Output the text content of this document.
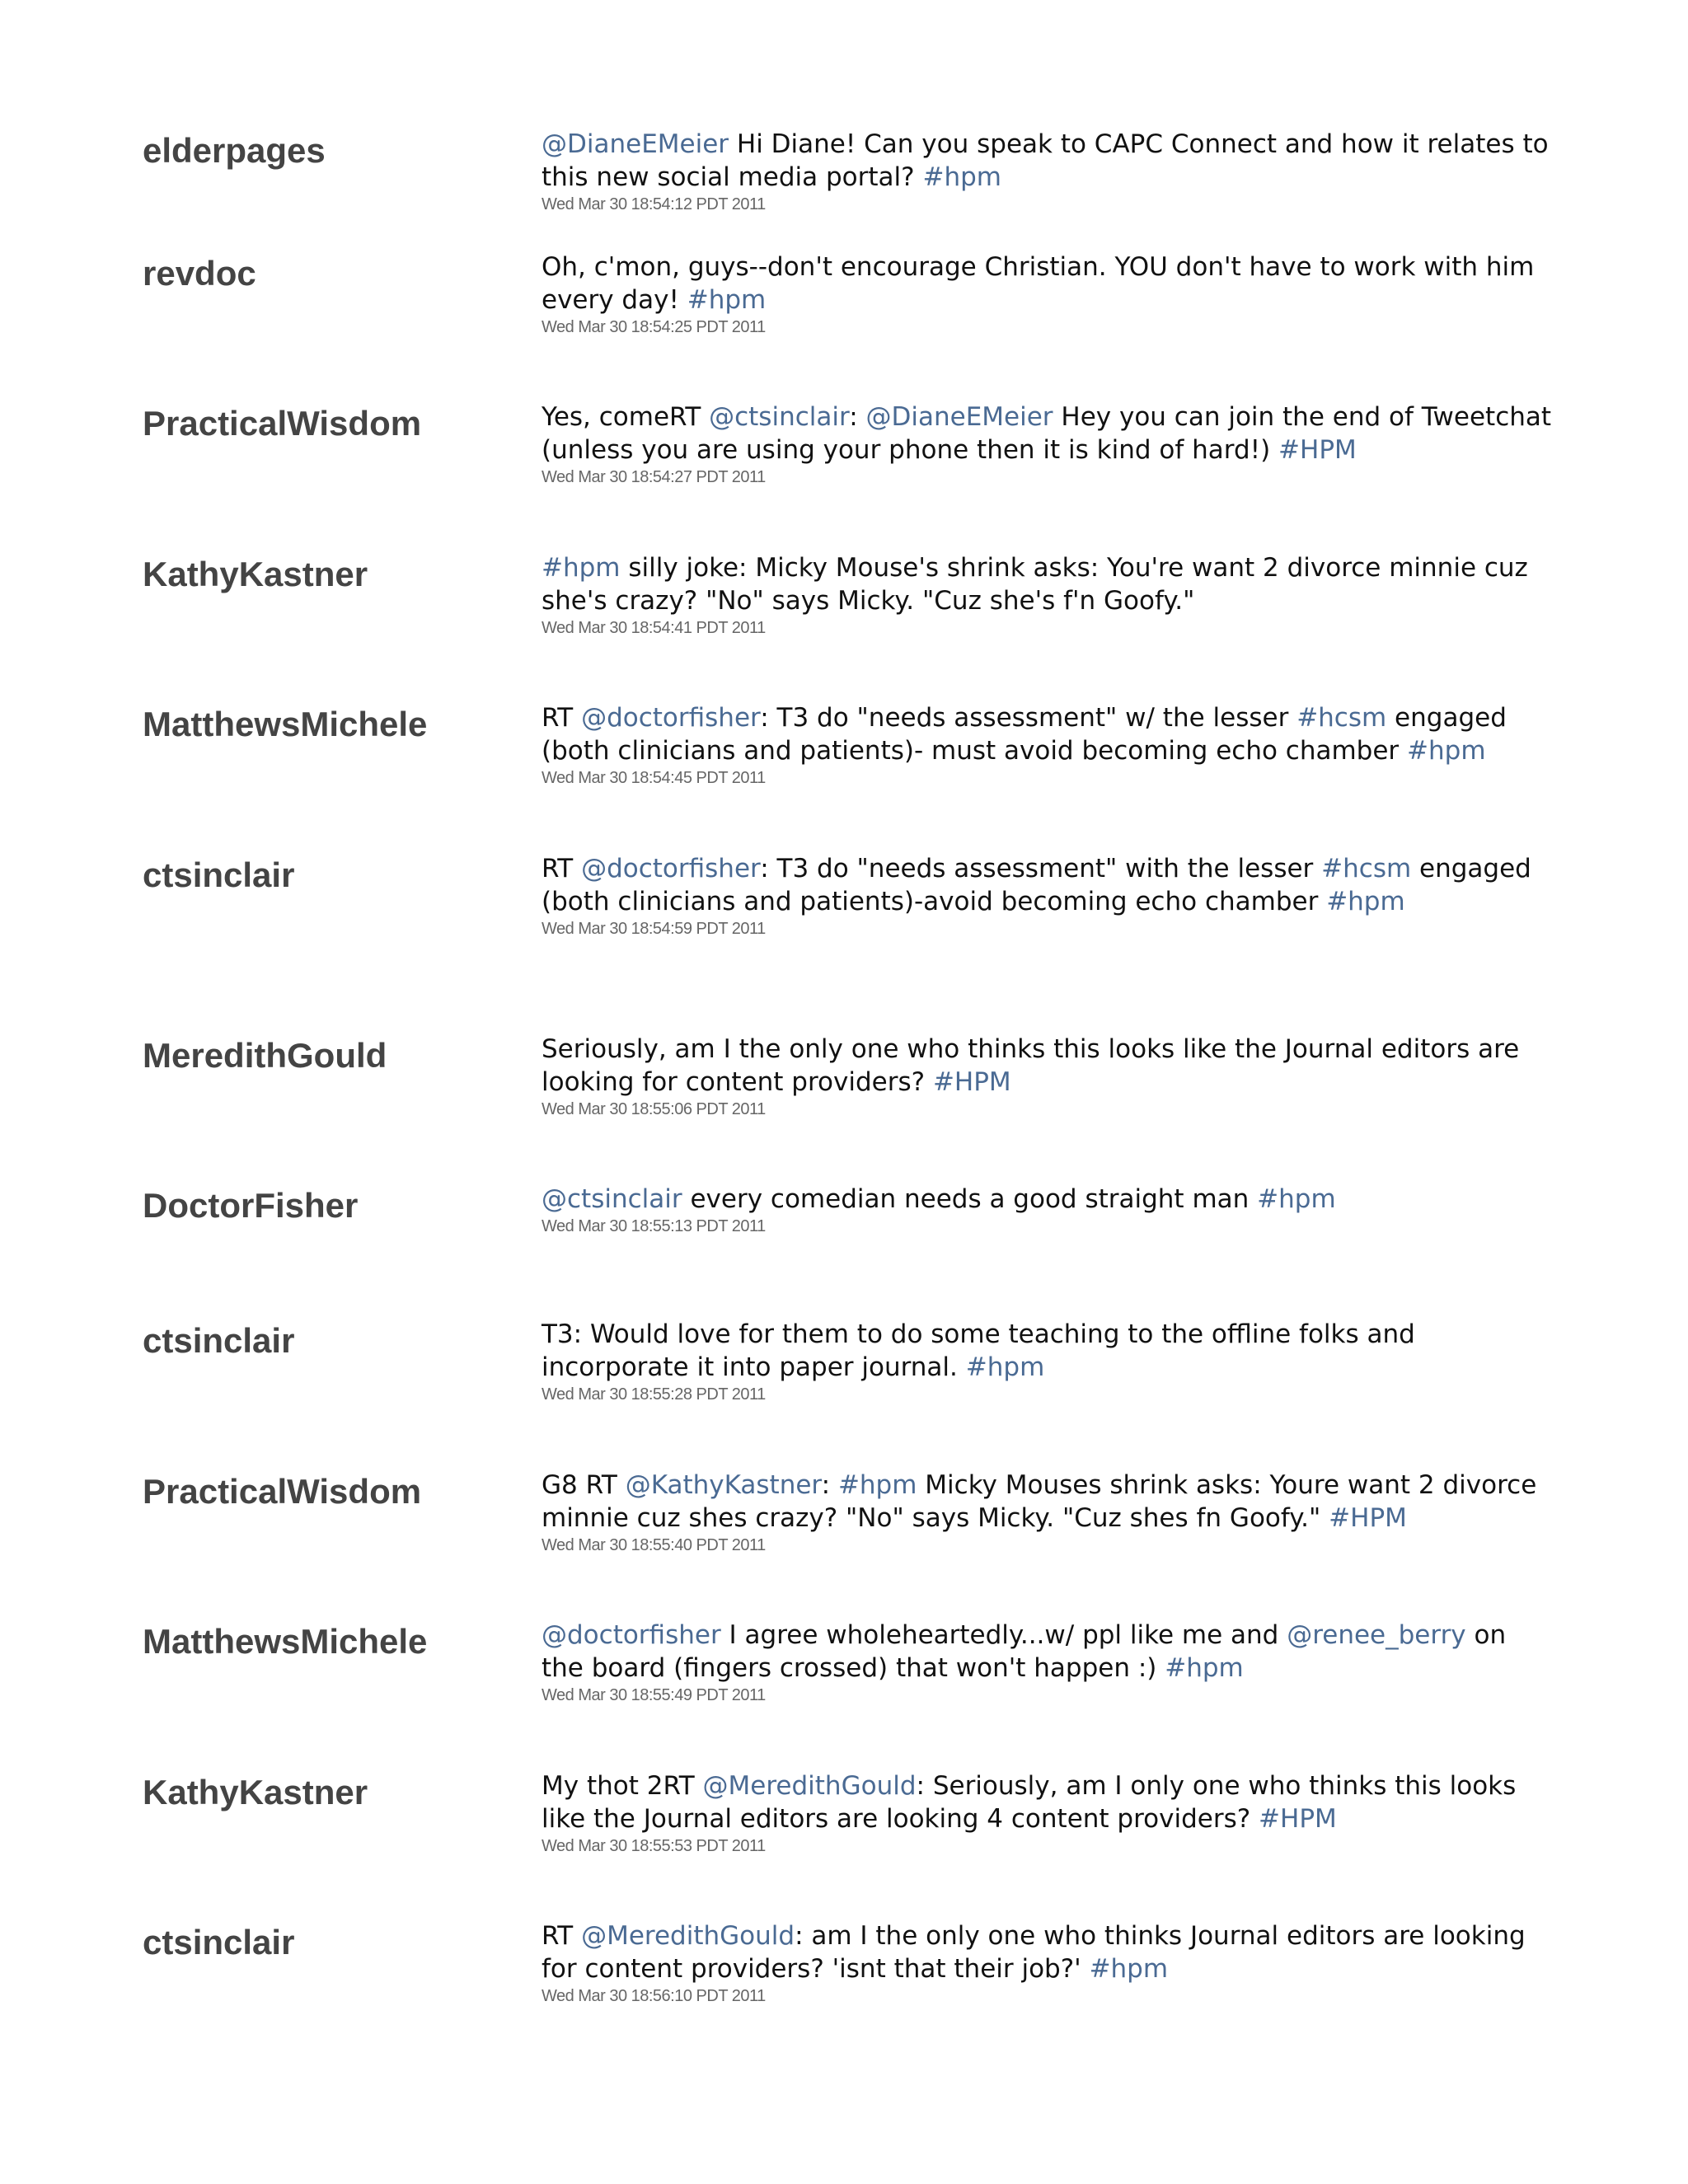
elderpages	@DianeEMeier Hi Diane! Can you speak to CAPC Connect and how it relates to this new social media portal? #hpm
Wed Mar 30 18:54:12 PDT 2011
revdoc	Oh, c'mon, guys--don't encourage Christian. YOU don't have to work with him every day! #hpm
Wed Mar 30 18:54:25 PDT 2011
PracticalWisdom	Yes, comeRT @ctsinclair: @DianeEMeier Hey you can join the end of Tweetchat (unless you are using your phone then it is kind of hard!) #HPM
Wed Mar 30 18:54:27 PDT 2011
KathyKastner	#hpm silly joke: Micky Mouse's shrink asks: You're want 2 divorce minnie cuz she's crazy? "No" says Micky. "Cuz she's f'n Goofy."
Wed Mar 30 18:54:41 PDT 2011
MatthewsMichele	RT @doctorfisher: T3 do "needs assessment" w/ the lesser #hcsm engaged (both clinicians and patients)- must avoid becoming echo chamber #hpm
Wed Mar 30 18:54:45 PDT 2011
ctsinclair	RT @doctorfisher: T3 do "needs assessment" with the lesser #hcsm engaged (both clinicians and patients)-avoid becoming echo chamber #hpm
Wed Mar 30 18:54:59 PDT 2011
MeredithGould	Seriously, am I the only one who thinks this looks like the Journal editors are looking for content providers? #HPM
Wed Mar 30 18:55:06 PDT 2011
DoctorFisher	@ctsinclair every comedian needs a good straight man #hpm
Wed Mar 30 18:55:13 PDT 2011
ctsinclair	T3: Would love for them to do some teaching to the offline folks and incorporate it into paper journal. #hpm
Wed Mar 30 18:55:28 PDT 2011
PracticalWisdom	G8 RT @KathyKastner: #hpm Micky Mouses shrink asks: Youre want 2 divorce minnie cuz shes crazy? "No" says Micky. "Cuz shes fn Goofy." #HPM
Wed Mar 30 18:55:40 PDT 2011
MatthewsMichele	@doctorfisher I agree wholeheartedly...w/ ppl like me and @renee_berry on the board (fingers crossed) that won't happen :) #hpm
Wed Mar 30 18:55:49 PDT 2011
KathyKastner	My thot 2RT @MeredithGould: Seriously, am I only one who thinks this looks like the Journal editors are looking 4 content providers? #HPM
Wed Mar 30 18:55:53 PDT 2011
ctsinclair	RT @MeredithGould: am I the only one who thinks Journal editors are looking for content providers? 'isnt that their job?' #hpm
Wed Mar 30 18:56:10 PDT 2011
